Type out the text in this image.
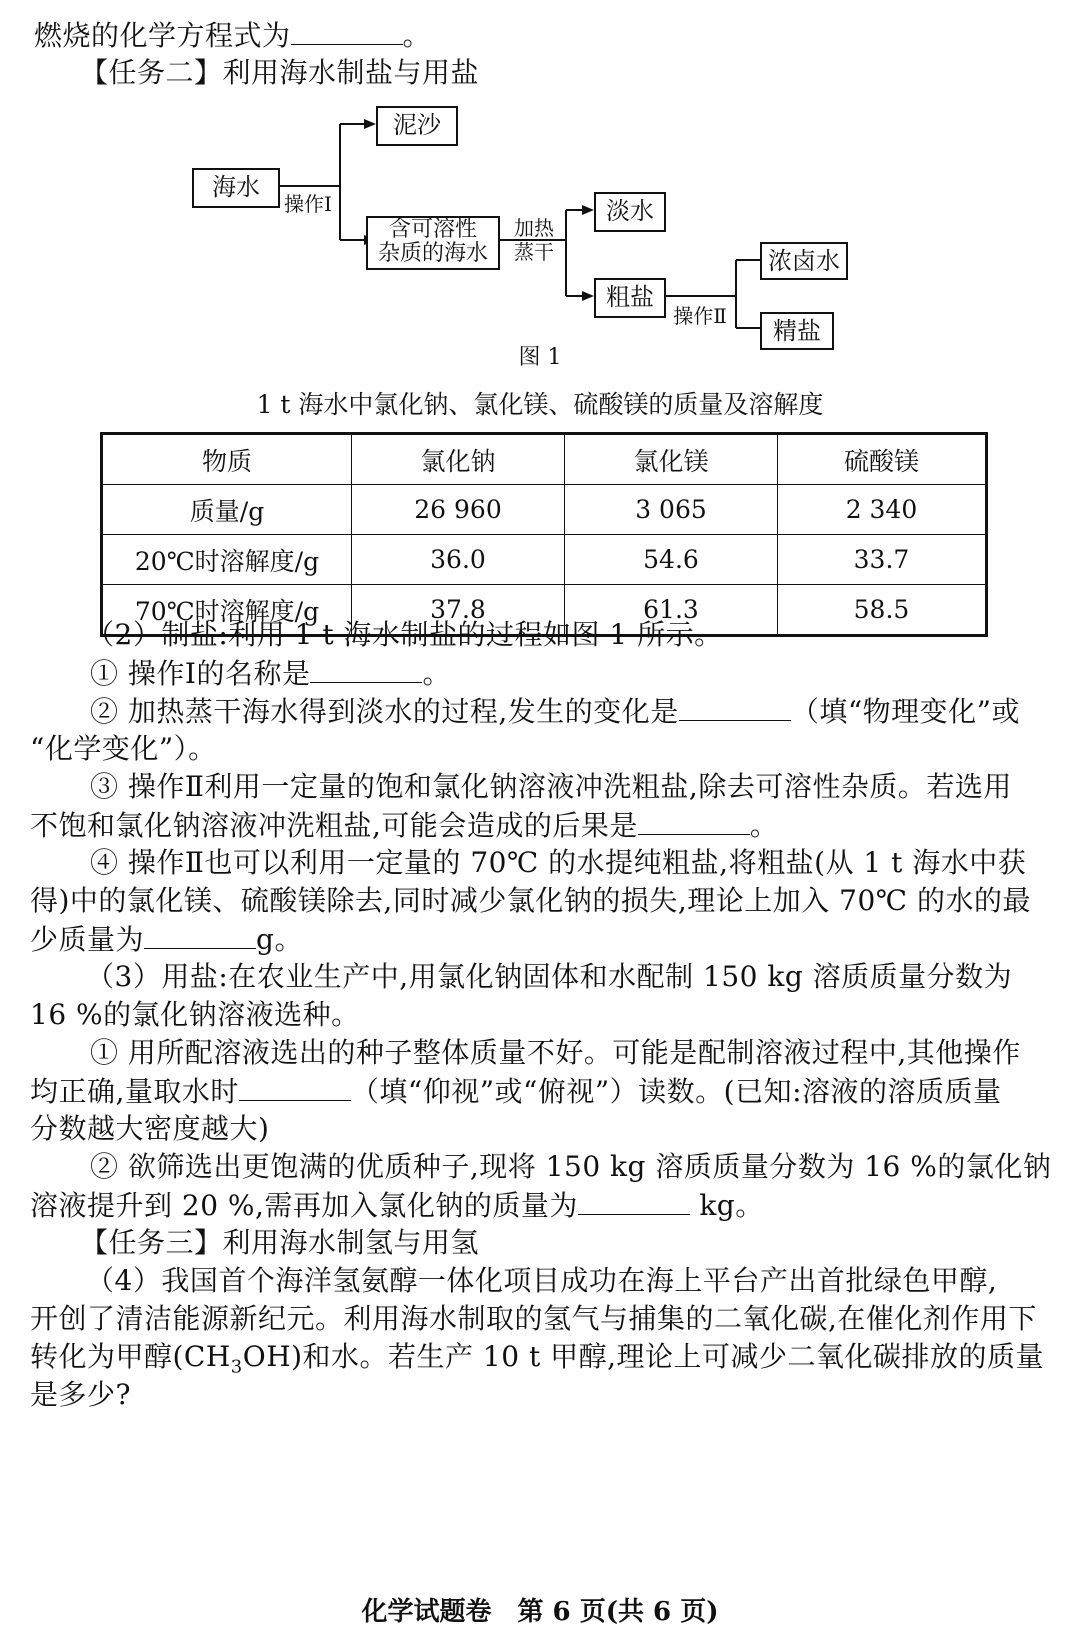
燃烧的化学方程式为	。
【任务二】利用海水制盐与用盐
海水
操作Ⅰ
泥沙
含可溶性
杂质的海水
加热
蒸干
淡水
粗盐
操作Ⅱ
浓卤水
精盐
图 1
1 t 海水中氯化钠、氯化镁、硫酸镁的质量及溶解度
物质	氯化钠	氯化镁	硫酸镁
质量/g	26 960	3 065	2 340
20℃时溶解度/g	36.0	54.6	33.7
70℃时溶解度/g	37.8	61.3	58.5
（2）制盐:利用 1 t 海水制盐的过程如图 1 所示。
① 操作Ⅰ的名称是	。
② 加热蒸干海水得到淡水的过程,发生的变化是	（填“物理变化”或
“化学变化”）。
③ 操作Ⅱ利用一定量的饱和氯化钠溶液冲洗粗盐,除去可溶性杂质。若选用
不饱和氯化钠溶液冲洗粗盐,可能会造成的后果是	。
④ 操作Ⅱ也可以利用一定量的 70℃ 的水提纯粗盐,将粗盐(从 1 t 海水中获
得)中的氯化镁、硫酸镁除去,同时减少氯化钠的损失,理论上加入 70℃ 的水的最
少质量为	g。
（3）用盐:在农业生产中,用氯化钠固体和水配制 150 kg 溶质质量分数为
16 %的氯化钠溶液选种。
① 用所配溶液选出的种子整体质量不好。可能是配制溶液过程中,其他操作
均正确,量取水时	（填“仰视”或“俯视”）读数。(已知:溶液的溶质质量
分数越大密度越大)
② 欲筛选出更饱满的优质种子,现将 150 kg 溶质质量分数为 16 %的氯化钠
溶液提升到 20 %,需再加入氯化钠的质量为	kg。
【任务三】利用海水制氢与用氢
（4）我国首个海洋氢氨醇一体化项目成功在海上平台产出首批绿色甲醇,
开创了清洁能源新纪元。利用海水制取的氢气与捕集的二氧化碳,在催化剂作用下
转化为甲醇$(CH_3OH)$和水。若生产 10 t 甲醇,理论上可减少二氧化碳排放的质量
是多少?
化学试题卷　第 6 页(共 6 页)
